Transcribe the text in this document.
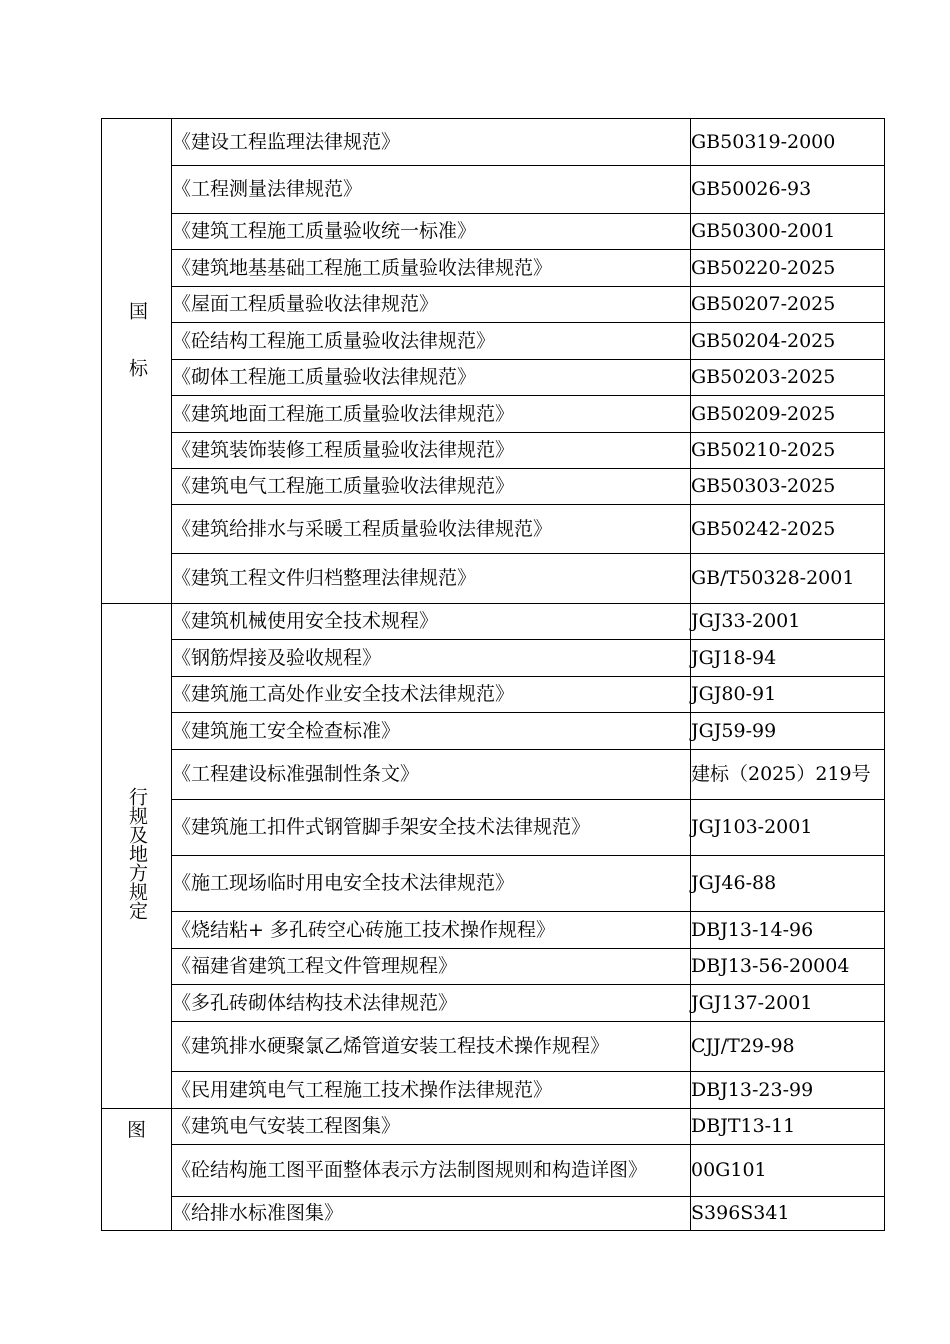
国标	《建设工程监理法律规范》	GB50319-2000
	《工程测量法律规范》	GB50026-93
	《建筑工程施工质量验收统一标准》	GB50300-2001
	《建筑地基基础工程施工质量验收法律规范》	GB50220-2025
	《屋面工程质量验收法律规范》	GB50207-2025
	《砼结构工程施工质量验收法律规范》	GB50204-2025
	《砌体工程施工质量验收法律规范》	GB50203-2025
	《建筑地面工程施工质量验收法律规范》	GB50209-2025
	《建筑装饰装修工程质量验收法律规范》	GB50210-2025
	《建筑电气工程施工质量验收法律规范》	GB50303-2025
	《建筑给排水与采暖工程质量验收法律规范》	GB50242-2025
	《建筑工程文件归档整理法律规范》	GB/T50328-2001
行规及地方规定	《建筑机械使用安全技术规程》	JGJ33-2001
	《钢筋焊接及验收规程》	JGJ18-94
	《建筑施工高处作业安全技术法律规范》	JGJ80-91
	《建筑施工安全检查标准》	JGJ59-99
	《工程建设标准强制性条文》	建标（2025）219号
	《建筑施工扣件式钢管脚手架安全技术法律规范》	JGJ103-2001
	《施工现场临时用电安全技术法律规范》	JGJ46-88
	《烧结粘+ 多孔砖空心砖施工技术操作规程》	DBJ13-14-96
	《福建省建筑工程文件管理规程》	DBJ13-56-20004
	《多孔砖砌体结构技术法律规范》	JGJ137-2001
	《建筑排水硬聚氯乙烯管道安装工程技术操作规程》	CJJ/T29-98
	《民用建筑电气工程施工技术操作法律规范》	DBJ13-23-99
图	《建筑电气安装工程图集》	DBJT13-11
	《砼结构施工图平面整体表示方法制图规则和构造详图》	00G101
	《给排水标准图集》	S396S341
